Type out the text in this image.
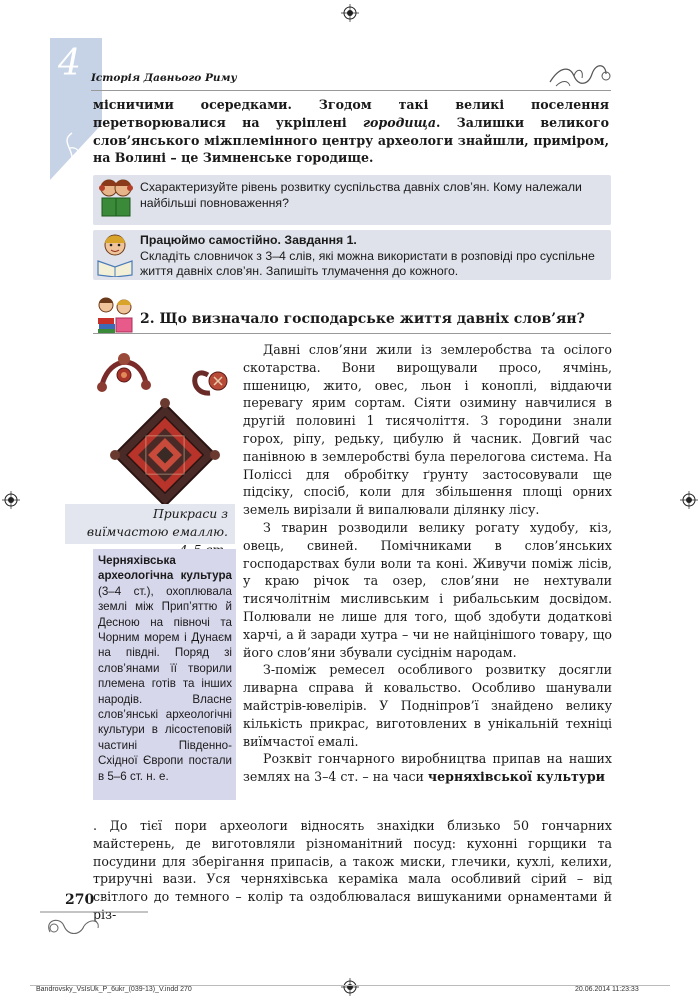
4 Історія Давнього Риму
місничими осередками. Згодом такі великі поселення перетворювалися на укріплені городища. Залишки великого слов’янського міжплемінного центру археологи знайшли, приміром, на Волині – це Зимненське городище.
Схарактеризуйте рівень розвитку суспільства давніх слов’ян. Кому належали найбільші повноваження?
Працюймо самостійно. Завдання 1.
Складіть словничок з 3–4 слів, які можна використати в розповіді про суспільне життя давніх слов’ян. Запишіть тлумачення до кожного.
2. Що визначало господарське життя давніх слов’ян?
Прикраси з виїмчастою емаллю.
Черняхівська археологічна культура (3–4 ст.), охоплювала землі між Прип’яттю й Десною на півночі та Чорним морем і Дунаєм на півдні. Поряд зі слов’янами її творили племена готів та інших народів. Власне слов’янські археологічні культури в лісостеповій частині Південно-Східної Європи постали в 5–6 ст. н. е.

Давні слов’яни жили із землеробства та осілого скотарства. Вони вирощували просо, ячмінь, пшеницю, жито, овес, льон і коноплі, віддаючи перевагу ярим сортам. Сіяти озимину навчилися в другій половині 1 тисячоліття. З городини знали горох, ріпу, редьку, цибулю й часник. Довгий час панівною в землеробстві була перелогова система. На Поліссі для обробітку ґрунту застосовували ще підсіку, спосіб, коли для збільшення площі орних земель вирізали й випалювали ділянку лісу.

З тварин розводили велику рогату худобу, кіз, овець, свиней. Помічниками в слов’янських господарствах були воли та коні. Живучи поміж лісів, у краю річок та озер, слов’яни не нехтували тисячолітнім мисливським і рибальським досвідом. Полювали не лише для того, щоб здобути додаткові харчі, а й заради хутра – чи не найцінішого товару, що його слов’яни збували сусіднім народам.

З-поміж ремесел особливого розвитку досягли ливарна справа й ковальство. Особливо шанували майстрів-ювелірів. У Подніпров’ї знайдено велику кількість прикрас, виготовлених в унікальній техніці виїмчастої емалі.

Розквіт гончарного виробництва припав на наших землях на 3–4 ст. – на часи черняхівської культури

. До тієї пори археологи відносять знахідки близько 50 гончарних майстерень, де виготовляли різноманітний посуд: кухонні горщики та посудини для зберігання припасів, а також миски, глечики, кухлі, келихи, триручні вази. Уся черняхівська кераміка мала особливий сірий – від світлого до темного – колір та оздоблювалася вишуканими орнаментами й різ-
270
Bandrovsky_VsIsUk_P_6ukr_(039-13)_V.indd 270	20.06.2014 11:23:33
